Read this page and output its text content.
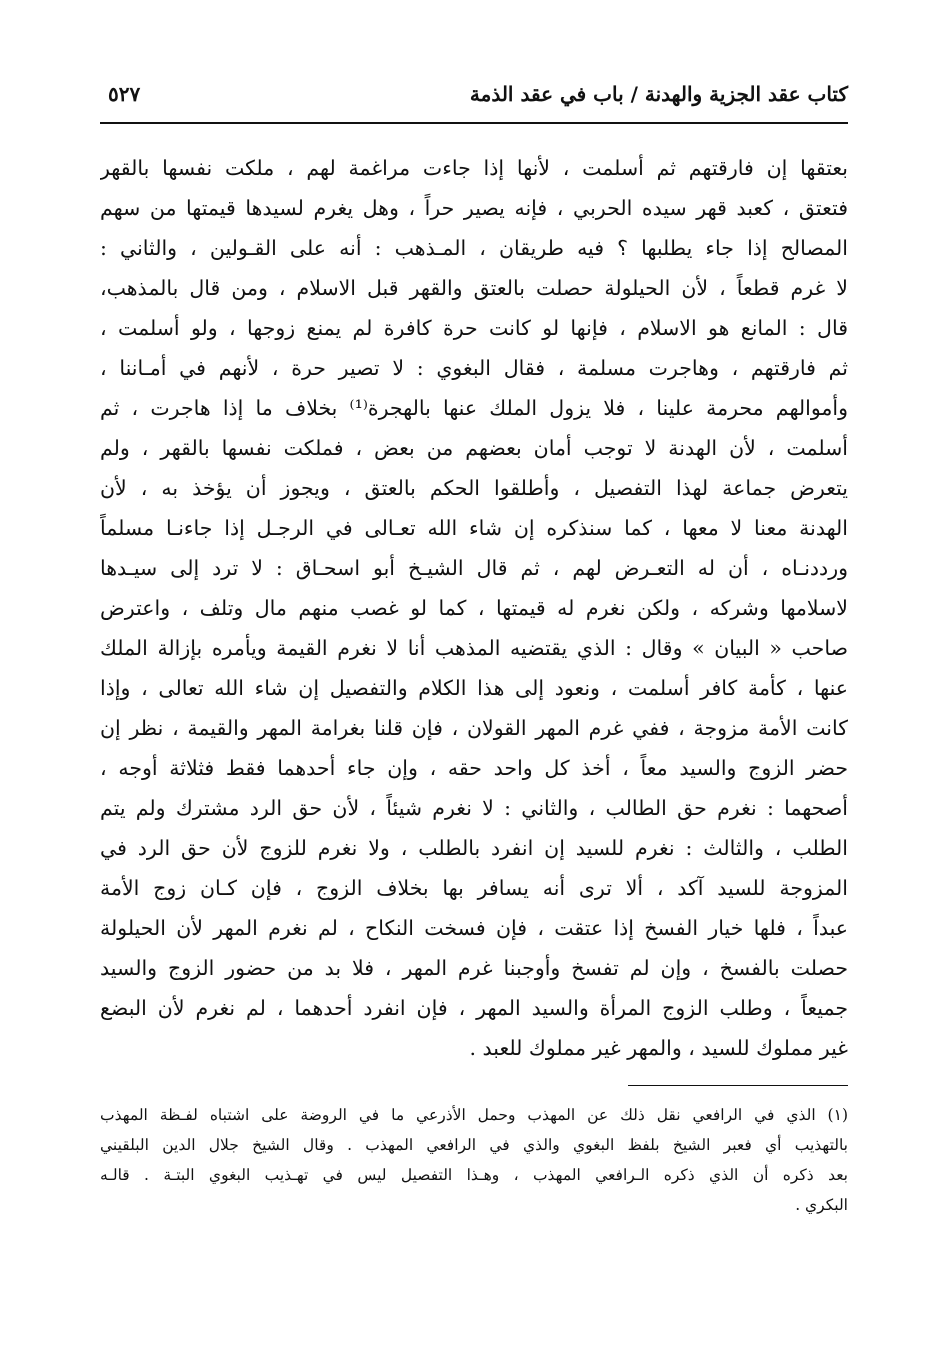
كتاب عقد الجزية والهدنة / باب في عقد الذمة
٥٢٧
بعتقها إن فارقتهم ثم أسلمت ، لأنها إذا جاءت مراغمة لهم ، ملكت نفسها بالقهر
فتعتق ، كعبد قهر سيده الحربي ، فإنه يصير حراً ، وهل يغرم لسيدها قيمتها من سهم
المصالح إذا جاء يطلبها ؟ فيه طريقان ، المـذهب : أنه على القـولين ، والثاني :
لا غرم قطعاً ، لأن الحيلولة حصلت بالعتق والقهر قبل الاسلام ، ومن قال بالمذهب،
قال : المانع هو الاسلام ، فإنها لو كانت حرة كافرة لم يمنع زوجها ، ولو أسلمت ،
ثم فارقتهم ، وهاجرت مسلمة ، فقال البغوي : لا تصير حرة ، لأنهم في أمـاننا ،
وأموالهم محرمة علينا ، فلا يزول الملك عنها بالهجرة⁽¹⁾ بخلاف ما إذا هاجرت ، ثم
أسلمت ، لأن الهدنة لا توجب أمان بعضهم من بعض ، فملكت نفسها بالقهر ، ولم
يتعرض جماعة لهذا التفصيل ، وأطلقوا الحكم بالعتق ، ويجوز أن يؤخذ به ، لأن
الهدنة معنا لا معها ، كما سنذكره إن شاء الله تعـالى في الرجـل إذا جاءنـا مسلماً
ورددنـاه ، أن له التعـرض لهم ، ثم قال الشيـخ أبو اسحـاق : لا ترد إلى سيـدها
لاسلامها وشركه ، ولكن نغرم له قيمتها ، كما لو غصب منهم مال وتلف ، واعترض
صاحب « البيان » وقال : الذي يقتضيه المذهب أنا لا نغرم القيمة ويأمره بإزالة الملك
عنها ، كأمة كافر أسلمت ، ونعود إلى هذا الكلام والتفصيل إن شاء الله تعالى ، وإذا
كانت الأمة مزوجة ، ففي غرم المهر القولان ، فإن قلنا بغرامة المهر والقيمة ، نظر إن
حضر الزوج والسيد معاً ، أخذ كل واحد حقه ، وإن جاء أحدهما فقط فثلاثة أوجه ،
أصحهما : نغرم حق الطالب ، والثاني : لا نغرم شيئاً ، لأن حق الرد مشترك ولم يتم
الطلب ، والثالث : نغرم للسيد إن انفرد بالطلب ، ولا نغرم للزوج لأن حق الرد في
المزوجة للسيد آكد ، ألا ترى أنه يسافر بها بخلاف الزوج ، فإن كـان زوج الأمة
عبداً ، فلها خيار الفسخ إذا عتقت ، فإن فسخت النكاح ، لم نغرم المهر لأن الحيلولة
حصلت بالفسخ ، وإن لم تفسخ وأوجبنا غرم المهر ، فلا بد من حضور الزوج والسيد
جميعاً ، وطلب الزوج المرأة والسيد المهر ، فإن انفرد أحدهما ، لم نغرم لأن البضع
غير مملوك للسيد ، والمهر غير مملوك للعبد .
(١) الذي في الرافعي نقل ذلك عن المهذب وحمل الأذرعي ما في الروضة على اشتباه لفـظة المهذب
بالتهذيب أي فعبر الشيخ بلفظ البغوي والذي في الرافعي المهذب . وقال الشيخ جلال الدين البلقيني
بعد ذكره أن الذي ذكره الـرافعي المهذب ، وهـذا التفصيل ليس في تهـذيب البغوي البتـة . قالـه
البكري .
